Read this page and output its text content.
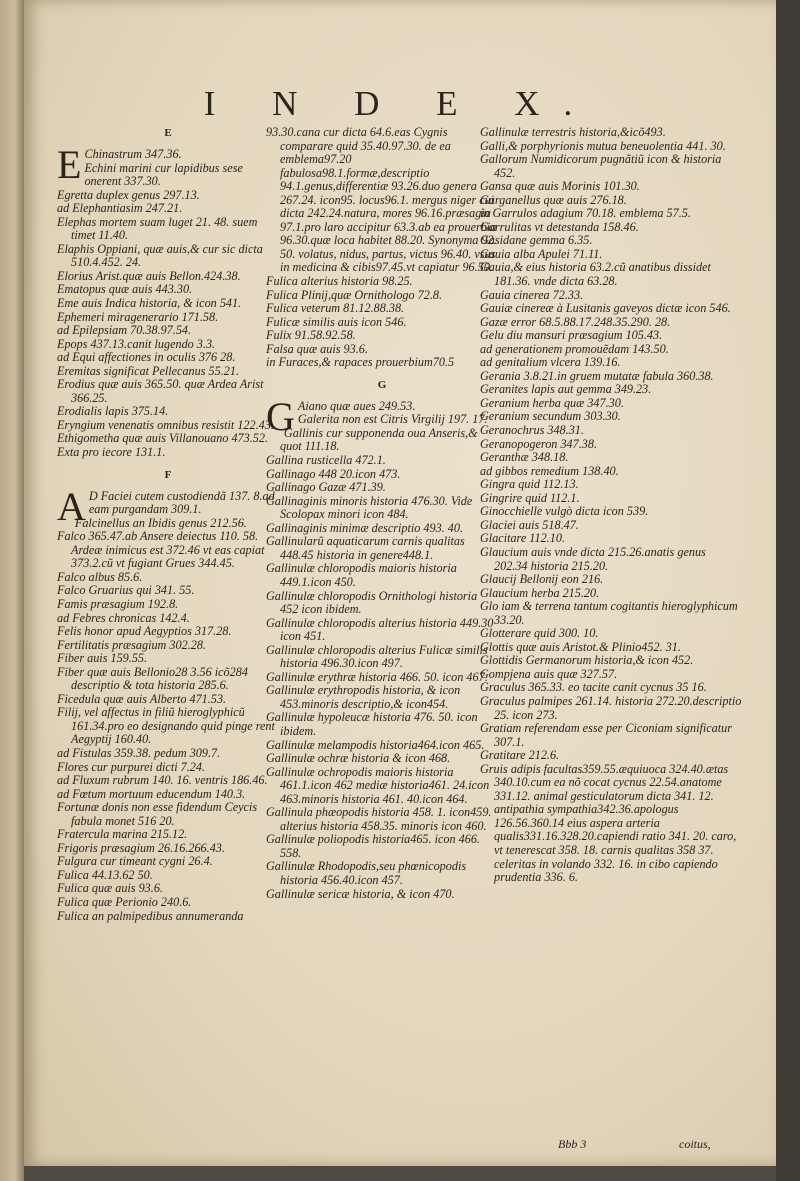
I N D E X.
E
E Chinastrum 347.36.

Echini marini cur lapidibus sese onerent 337.30.

Egretta duplex genus 297.13.

ad Elephantiasim 247.21.

Elephas mortem suam luget 21. 48. suem timet 11.40.

Elaphis Oppiani, quæ auis,& cur sic dicta 510.4.452. 24.

Elorius Arist.quæ auis Bellon.424.38.

Ematopus quæ auis 443.30.

Eme auis Indica historia, & icon 541.

Ephemeri miragenerario 171.58.

ad Epilepsiam 70.38.97.54.

Epops 437.13.canit lugendo 3.3.

ad Equi affectiones in oculis 376 28.

Eremitas significat Pellecanus 55.21.

Erodius quæ auis 365.50. quæ Ardea Arist 366.25.

Erodialis lapis 375.14.

Eryngium venenatis omnibus resistit 122.43.

Ethigometha quæ auis Villanouano 473.52.

Exta pro iecore 131.1.

F
A D Faciei cutem custodiendã 137. 8.ad eam purgandam 309.1.

Falcinellus an Ibidis genus 212.56.

Falco 365.47.ab Ansere deiectus 110. 58. Ardeæ inimicus est 372.46 vt eas capiat 373.2.cũ vt fugiant Grues 344.45.

Falco albus 85.6.

Falco Gruarius qui 341. 55.

Famis præsagium 192.8.

ad Febres chronicas 142.4.

Felis honor apud Aegyptios 317.28.

Fertilitatis præsagium 302.28.

Fiber auis 159.55.

Fiber quæ auis Bellonio28 3.56 icõ284 descriptio & tota historia 285.6.

Ficedula quæ auis Alberto 471.53.

Filij, vel affectus in filiũ hieroglyphicũ 161.34.pro eo designando quid pinge rent Aegyptij 160.40.

ad Fistulas 359.38. pedum 309.7.

Flores cur purpurei dicti 7.24.

ad Fluxum rubrum 140. 16. ventris 186.46.

ad Fœtum mortuum educendum 140.3.

Fortunæ donis non esse fidendum Ceycis fabula monet 516 20.

Fratercula marina 215.12.

Frigoris præsagium 26.16.266.43.

Fulgura cur timeant cygni 26.4.

Fulica 44.13.62 50.

Fulica quæ auis 93.6.

Fulica quæ Perionio 240.6.

Fulica an palmipedibus annumeranda

93.30.cana cur dicta 64.6.eas Cygnis comparare quid 35.40.97.30. de ea emblema97.20 fabulosa98.1.formæ,descriptio 94.1.genus,differentiæ 93.26.duo genera 267.24. icon95. locus96.1. mergus niger cui dicta 242.24.natura, mores 96.16.præsagia 97.1.pro laro accipitur 63.3.ab ea prouerbia 96.30.quæ loca habitet 88.20. Synonyma 92. 50. volatus, nidus, partus, victus 96.40. vsus in medicina & cibis97.45.vt capiatur 96.50.

Fulica alterius historia 98.25.

Fulica Plinij,quæ Ornithologo 72.8.

Fulica veterum 81.12.88.38.

Fulicæ similis auis icon 546.

Fulix 91.58.92.58.

Falsa quæ auis 93.6.

in Furaces,& rapaces prouerbium70.5

G
G Aiano quæ aues 249.53.

Galerita non est Citris Virgilij 197. 17.

Gallinis cur supponenda oua Anseris,& quot 111.18.

Gallina rusticella 472.1.

Gallinago 448 20.icon 473.

Gallinago Gazæ 471.39.

Gallinaginis minoris historia 476.30. Vide Scolopax minori icon 484.

Gallinaginis minimæ descriptio 493. 40.

Gallinularũ aquaticarum carnis qualitas 448.45 historia in genere448.1.

Gallinulæ chloropodis maioris historia 449.1.icon 450.

Gallinulæ chloropodis Ornithologi historia 452 icon ibidem.

Gallinulæ chloropodis alterius historia 449.30 icon 451.

Gallinulæ chloropodis alterius Fulicæ similis historia 496.30.icon 497.

Gallinulæ erythræ historia 466. 50. icon 467.

Gallinulæ erythropodis historia, & icon 453.minoris descriptio,& icon454.

Gallinulæ hypoleucæ historia 476. 50. icon ibidem.

Gallinulæ melampodis historia464.icon 465.

Gallinulæ ochræ historia & icon 468.

Gallinulæ ochropodis maioris historia 461.1.icon 462 mediæ historia461. 24.icon 463.minoris historia 461. 40.icon 464.

Gallinula phæopodis historia 458. 1. icon459. alterius historia 458.35. minoris icon 460.

Gallinulæ poliopodis historia465. icon 466. 558.

Gallinulæ Rhodopodis,seu phœnicopodis historia 456.40.icon 457.

Gallinulæ sericæ historia, & icon 470.

Gallinulæ terrestris historia,&icõ493.

Galli,& porphyrionis mutua beneuolentia 441. 30.

Gallorum Numidicorum pugnãtiũ icon & historia 452.

Gansa quæ auis Morinis 101.30.

Garganellus quæ auis 276.18.

in Garrulos adagium 70.18. emblema 57.5.

Garrulitas vt detestanda 158.46.

Gasidane gemma 6.35.

Gauia alba Apulei 71.11.

Gauia,& eius historia 63.2.cũ anatibus dissidet 181.36. vnde dicta 63.28.

Gauia cinerea 72.33.

Gauiæ cinereæ à Lusitanis gaveyos dictæ icon 546.

Gazæ error 68.5.88.17.248.35.290. 28.

Gelu diu mansuri præsagium 105.43.

ad generationem promouẽdam 143.50.

ad genitalium vlcera 139.16.

Gerania 3.8.21.in gruem mutatæ fabula 360.38.

Geranites lapis aut gemma 349.23.

Geranium herba quæ 347.30.

Geranium secundum 303.30.

Geranochrus 348.31.

Geranopogeron 347.38.

Geranthæ 348.18.

ad gibbos remedium 138.40.

Gingra quid 112.13.

Gingrire quid 112.1.

Ginocchielle vulgò dicta icon 539.

Glaciei auis 518.47.

Glacitare 112.10.

Glaucium auis vnde dicta 215.26.anatis genus 202.34 historia 215.20.

Glaucij Bellonij eon 216.

Glaucium herba 215.20.

Glo iam & terrena tantum cogitantis hieroglyphicum 33.20.

Glotterare quid 300. 10.

Glottis quæ auis Aristot.& Plinio452. 31.

Glottidis Germanorum historia,& icon 452.

Gompjena auis quæ 327.57.

Graculus 365.33. eo tacite canit cycnus 35 16.

Graculus palmipes 261.14. historia 272.20.descriptio 25. icon 273.

Gratiam referendam esse per Ciconiam significatur 307.1.

Gratitare 212.6.

Gruis adipis facultas359.55.æquiuoca 324.40.ætas 340.10.cum ea nõ cocat cycnus 22.54.anatome 331.12. animal gesticulatorum dicta 341. 12. antipathia sympathia342.36.apologus 126.56.360.14 eius aspera arteria qualis331.16.328.20.capiendi ratio 341. 20. caro, vt tenerescat 358. 18. carnis qualitas 358 37. celeritas in volando 332. 16. in cibo capiendo prudentia 336. 6.

Bbb 3	coitus,
